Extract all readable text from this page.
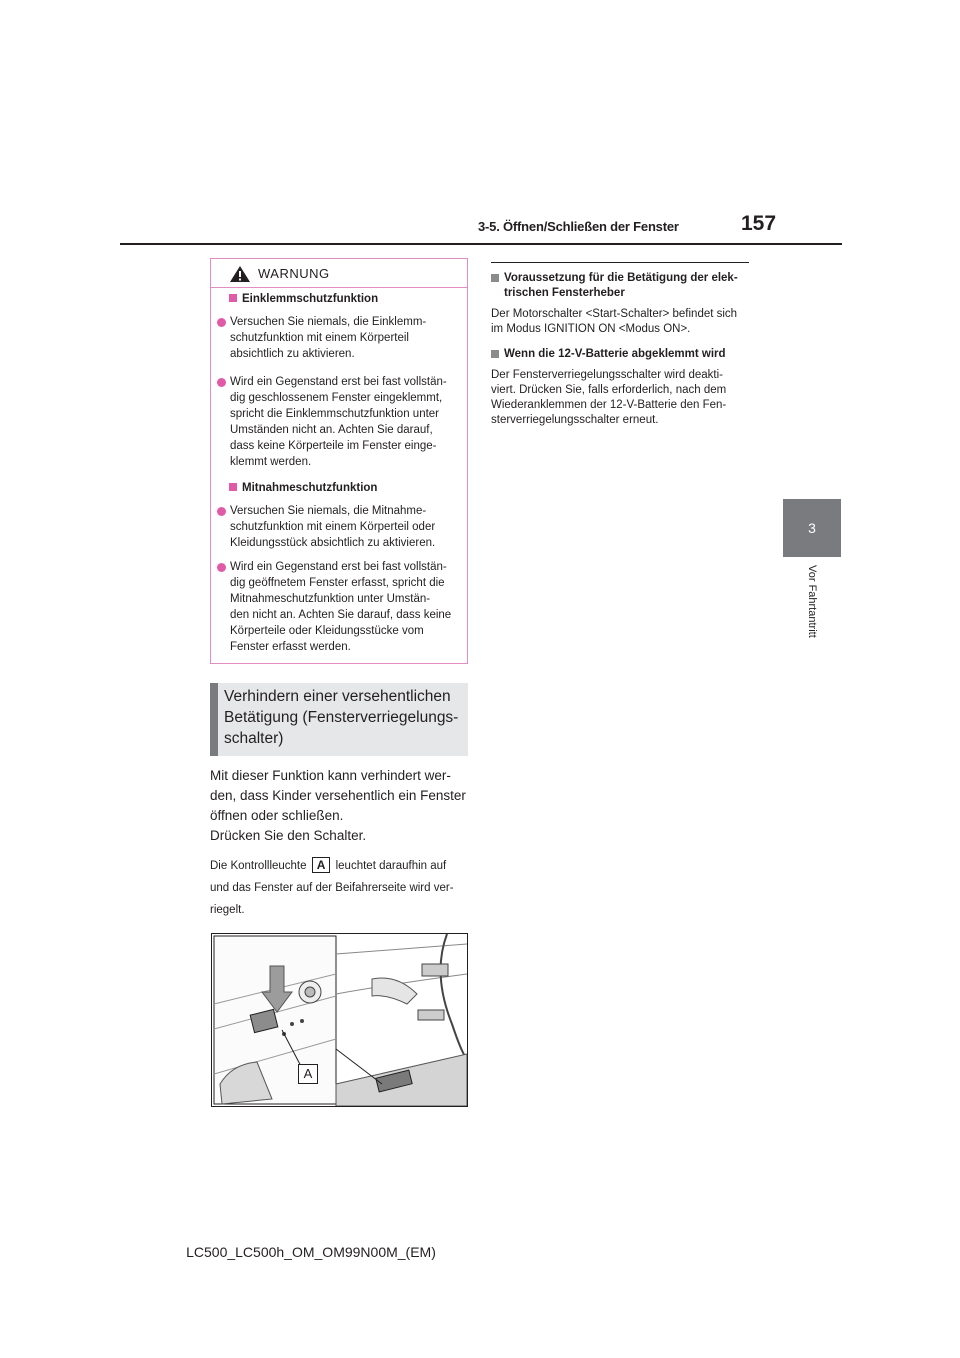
3-5. Öffnen/Schließen der Fenster	157
3
Vor Fahrtantritt
WARNUNG
Einklemmschutzfunktion
Versuchen Sie niemals, die Einklemm-
schutzfunktion mit einem Körperteil
absichtlich zu aktivieren.
Wird ein Gegenstand erst bei fast vollstän-
dig geschlossenem Fenster eingeklemmt,
spricht die Einklemmschutzfunktion unter
Umständen nicht an. Achten Sie darauf,
dass keine Körperteile im Fenster einge-
klemmt werden.
Mitnahmeschutzfunktion
Versuchen Sie niemals, die Mitnahme-
schutzfunktion mit einem Körperteil oder
Kleidungsstück absichtlich zu aktivieren.
Wird ein Gegenstand erst bei fast vollstän-
dig geöffnetem Fenster erfasst, spricht die
Mitnahmeschutzfunktion unter Umstän-
den nicht an. Achten Sie darauf, dass keine
Körperteile oder Kleidungsstücke vom
Fenster erfasst werden.
Verhindern einer versehentlichen
Betätigung (Fensterverriegelungs-
schalter)
Mit dieser Funktion kann verhindert wer-
den, dass Kinder versehentlich ein Fenster
öffnen oder schließen.
Drücken Sie den Schalter.
Die Kontrollleuchte A leuchtet daraufhin auf
und das Fenster auf der Beifahrerseite wird ver-
riegelt.
A
Voraussetzung für die Betätigung der elek-
trischen Fensterheber
Der Motorschalter <Start-Schalter> befindet sich
im Modus IGNITION ON <Modus ON>.
Wenn die 12-V-Batterie abgeklemmt wird
Der Fensterverriegelungsschalter wird deakti-
viert. Drücken Sie, falls erforderlich, nach dem
Wiederanklemmen der 12-V-Batterie den Fen-
sterverriegelungsschalter erneut.
LC500_LC500h_OM_OM99N00M_(EM)
